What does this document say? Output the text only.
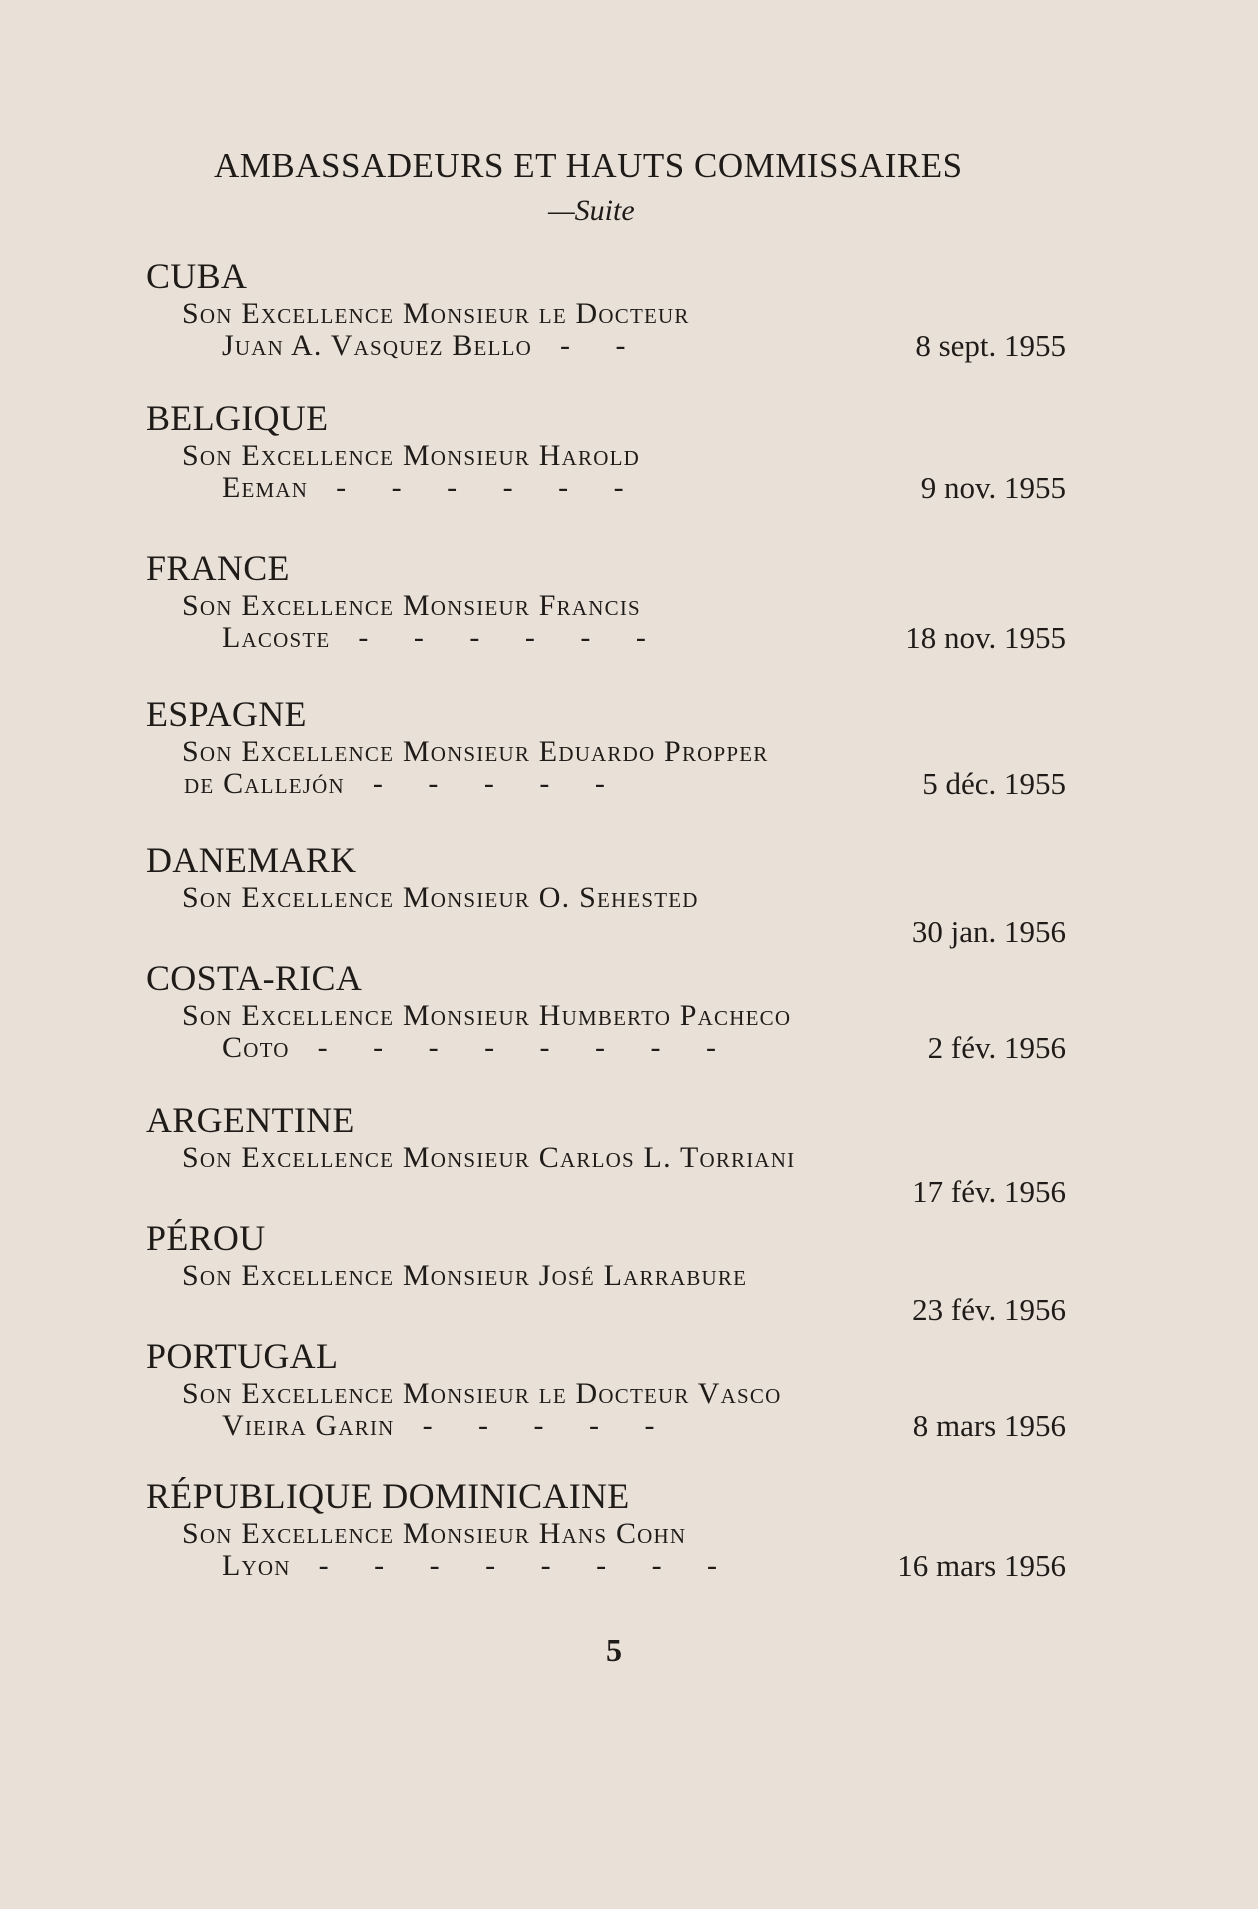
AMBASSADEURS ET HAUTS COMMISSAIRES
—Suite
CUBA
Son Excellence Monsieur le Docteur
Juan A. Vasquez Bello - -	8 sept. 1955
BELGIQUE
Son Excellence Monsieur Harold
Eeman - - - - - -	9 nov. 1955
FRANCE
Son Excellence Monsieur Francis
Lacoste - - - - - -	18 nov. 1955
ESPAGNE
Son Excellence Monsieur Eduardo Propper
de Callejón - - - - -	5 déc. 1955
DANEMARK
Son Excellence Monsieur O. Sehested
30 jan. 1956
COSTA-RICA
Son Excellence Monsieur Humberto Pacheco
Coto - - - - - - - -	2 fév. 1956
ARGENTINE
Son Excellence Monsieur Carlos L. Torriani
17 fév. 1956
PÉROU
Son Excellence Monsieur José Larrabure
23 fév. 1956
PORTUGAL
Son Excellence Monsieur le Docteur Vasco
Vieira Garin - - - - -	8 mars 1956
RÉPUBLIQUE DOMINICAINE
Son Excellence Monsieur Hans Cohn
Lyon - - - - - - - -	16 mars 1956
5
